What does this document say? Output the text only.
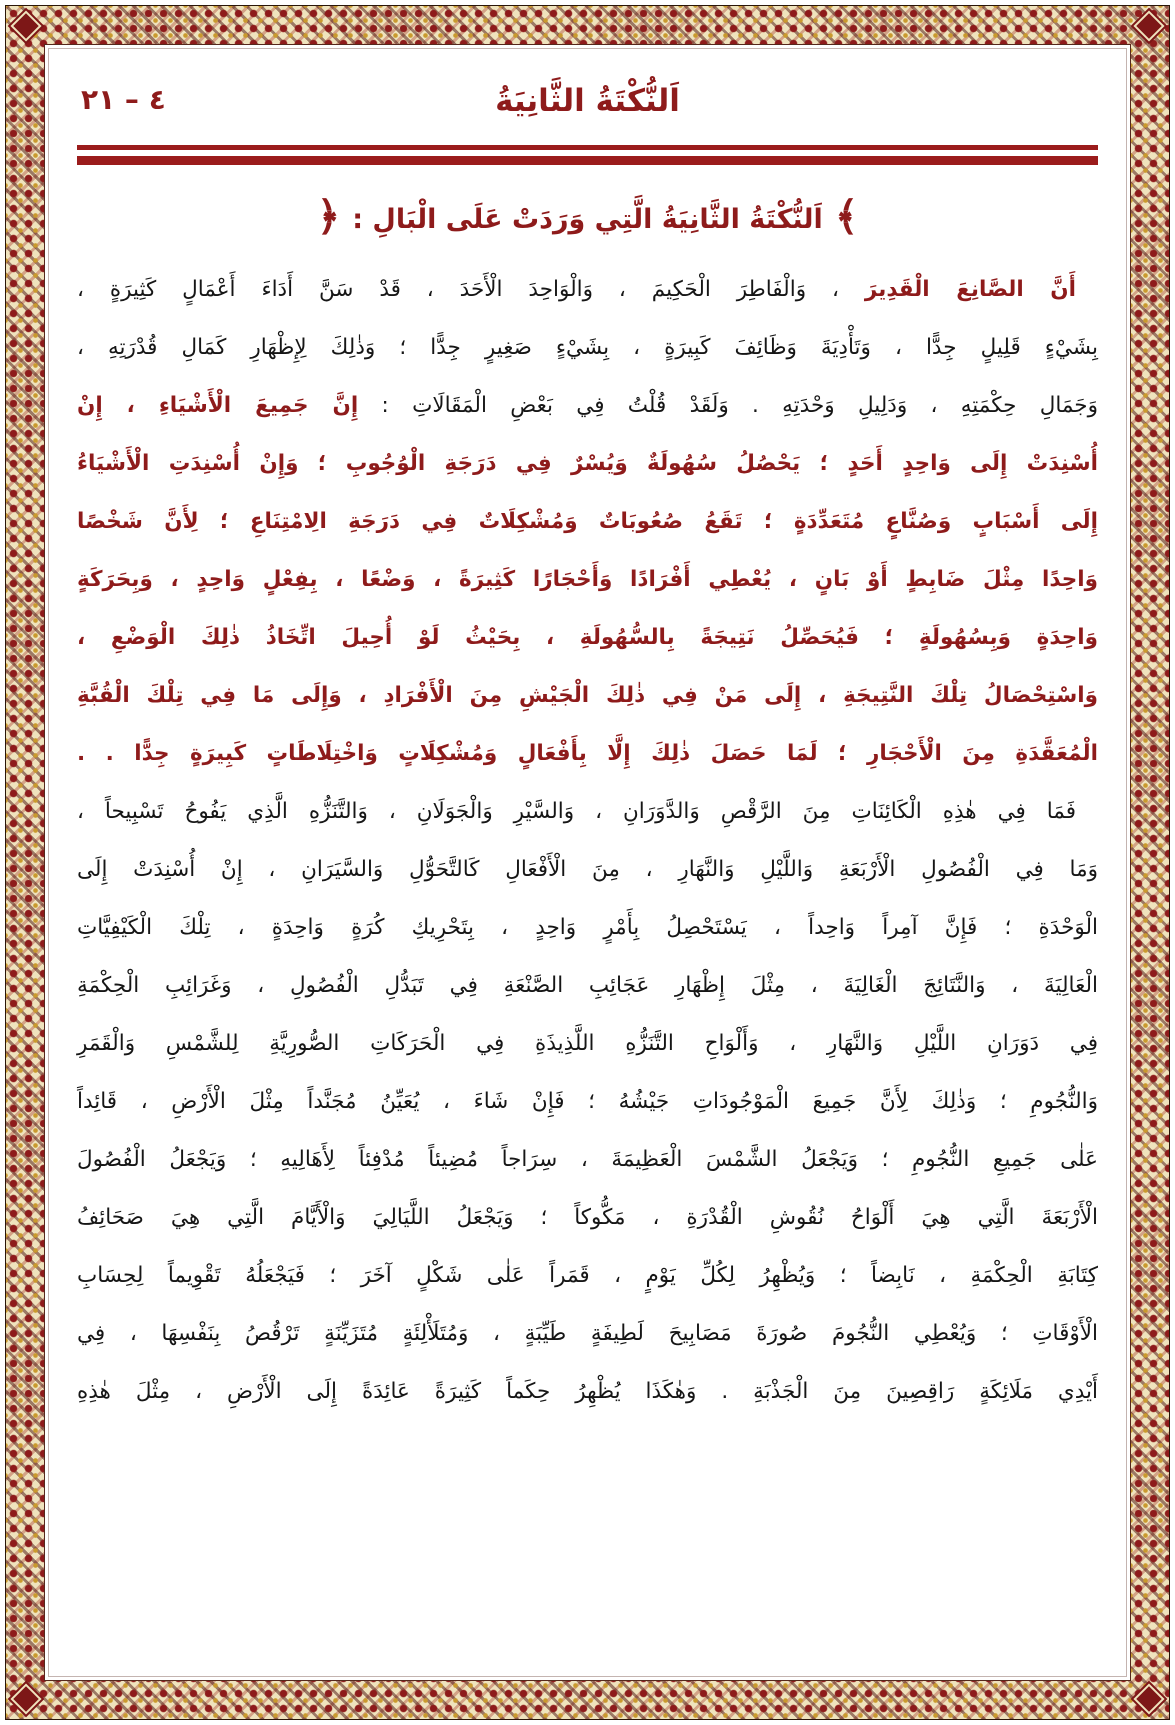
اَلنُّكْتَةُ الثَّانِيَةُ
٤ – ٢١
﴾
اَلنُّكْتَةُ الثَّانِيَةُ الَّتِي وَرَدَتْ عَلَى الْبَالِ :
﴿
أَنَّ الصَّانِعَ الْقَدِيرَ ، وَالْفَاطِرَ الْحَكِيمَ ، وَالْوَاحِدَ الْأَحَدَ ، قَدْ سَنَّ أَدَاءَ أَعْمَالٍ كَثِيرَةٍ ،
بِشَيْءٍ قَلِيلٍ جِدًّا ، وَتَأْدِيَةَ وَظَائِفَ كَبِيرَةٍ ، بِشَيْءٍ صَغِيرٍ جِدًّا ؛ وَذٰلِكَ لِإِظْهَارِ كَمَالِ قُدْرَتِهِ ،
وَجَمَالِ حِكْمَتِهِ ، وَدَلِيلِ وَحْدَتِهِ . وَلَقَدْ قُلْتُ فِي بَعْضِ الْمَقَالَاتِ : إِنَّ جَمِيعَ الْأَشْيَاءِ ، إِنْ
أُسْنِدَتْ إِلَى وَاحِدٍ أَحَدٍ ؛ يَحْصُلُ سُهُولَةٌ وَيُسْرٌ فِي دَرَجَةِ الْوُجُوبِ ؛ وَإِنْ أُسْنِدَتِ الْأَشْيَاءُ
إِلَى أَسْبَابٍ وَصُنَّاعٍ مُتَعَدِّدَةٍ ؛ تَقَعُ صُعُوبَاتٌ وَمُشْكِلَاتٌ فِي دَرَجَةِ الِامْتِنَاعِ ؛ لِأَنَّ شَخْصًا
وَاحِدًا مِثْلَ ضَابِطٍ أَوْ بَانٍ ، يُعْطِي أَفْرَادًا وَأَحْجَارًا كَثِيرَةً ، وَضْعًا ، بِفِعْلٍ وَاحِدٍ ، وَبِحَرَكَةٍ
وَاحِدَةٍ وَبِسُهُولَةٍ ؛ فَيُحَصِّلُ نَتِيجَةً بِالسُّهُولَةِ ، بِحَيْثُ لَوْ أُحِيلَ اتِّخَاذُ ذٰلِكَ الْوَضْعِ ،
وَاسْتِحْصَالُ تِلْكَ النَّتِيجَةِ ، إِلَى مَنْ فِي ذٰلِكَ الْجَيْشِ مِنَ الْأَفْرَادِ ، وَإِلَى مَا فِي تِلْكَ الْقُبَّةِ
الْمُعَقَّدَةِ مِنَ الْأَحْجَارِ ؛ لَمَا حَصَلَ ذٰلِكَ إِلَّا بِأَفْعَالٍ وَمُشْكِلَاتٍ وَاخْتِلَاطَاتٍ كَبِيرَةٍ جِدًّا . .
فَمَا فِي هٰذِهِ الْكَائِنَاتِ مِنَ الرَّقْصِ وَالدَّوَرَانِ ، وَالسَّيْرِ وَالْجَوَلَانِ ، وَالتَّنَزُّهِ الَّذِي يَفُوحُ تَسْبِيحاً ،
وَمَا فِي الْفُصُولِ الْأَرْبَعَةِ وَاللَّيْلِ وَالنَّهَارِ ، مِنَ الْأَفْعَالِ كَالتَّحَوُّلِ وَالسَّيَرَانِ ، إِنْ أُسْنِدَتْ إِلَى
الْوَحْدَةِ ؛ فَإِنَّ آمِراً وَاحِداً ، يَسْتَحْصِلُ بِأَمْرٍ وَاحِدٍ ، بِتَحْرِيكِ كُرَةٍ وَاحِدَةٍ ، تِلْكَ الْكَيْفِيَّاتِ
الْعَالِيَةَ ، وَالنَّتَائِجَ الْغَالِيَةَ ، مِثْلَ إِظْهَارِ عَجَائِبِ الصَّنْعَةِ فِي تَبَدُّلِ الْفُصُولِ ، وَغَرَائِبِ الْحِكْمَةِ
فِي دَوَرَانِ اللَّيْلِ وَالنَّهَارِ ، وَأَلْوَاحِ التَّنَزُّهِ اللَّذِيذَةِ فِي الْحَرَكَاتِ الصُّورِيَّةِ لِلشَّمْسِ وَالْقَمَرِ
وَالنُّجُومِ ؛ وَذٰلِكَ لِأَنَّ جَمِيعَ الْمَوْجُودَاتِ جَيْشُهُ ؛ فَإِنْ شَاءَ ، يُعَيِّنُ مُجَنَّداً مِثْلَ الْأَرْضِ ، قَائِداً
عَلٰى جَمِيعِ النُّجُومِ ؛ وَيَجْعَلُ الشَّمْسَ الْعَظِيمَةَ ، سِرَاجاً مُضِيئاً مُدْفِئاً لِأَهَالِيهِ ؛ وَيَجْعَلُ الْفُصُولَ
الْأَرْبَعَةَ الَّتِي هِيَ أَلْوَاحُ نُقُوشِ الْقُدْرَةِ ، مَكُّوكاً ؛ وَيَجْعَلُ اللَّيَالِيَ وَالْأَيَّامَ الَّتِي هِيَ صَحَائِفُ
كِتَابَةِ الْحِكْمَةِ ، نَابِضاً ؛ وَيُظْهِرُ لِكُلِّ يَوْمٍ ، قَمَراً عَلٰى شَكْلٍ آخَرَ ؛ فَيَجْعَلُهُ تَقْوِيماً لِحِسَابِ
الْأَوْقَاتِ ؛ وَيُعْطِي النُّجُومَ صُورَةَ مَصَابِيحَ لَطِيفَةٍ طَيِّبَةٍ ، وَمُتَلَأْلِئَةٍ مُتَزَيِّنَةٍ تَرْقُصُ بِنَفْسِهَا ، فِي
أَيْدِي مَلَائِكَةٍ رَاقِصِينَ مِنَ الْجَذْبَةِ . وَهٰكَذَا يُظْهِرُ حِكَماً كَثِيرَةً عَائِدَةً إِلَى الْأَرْضِ ، مِثْلَ هٰذِهِ
